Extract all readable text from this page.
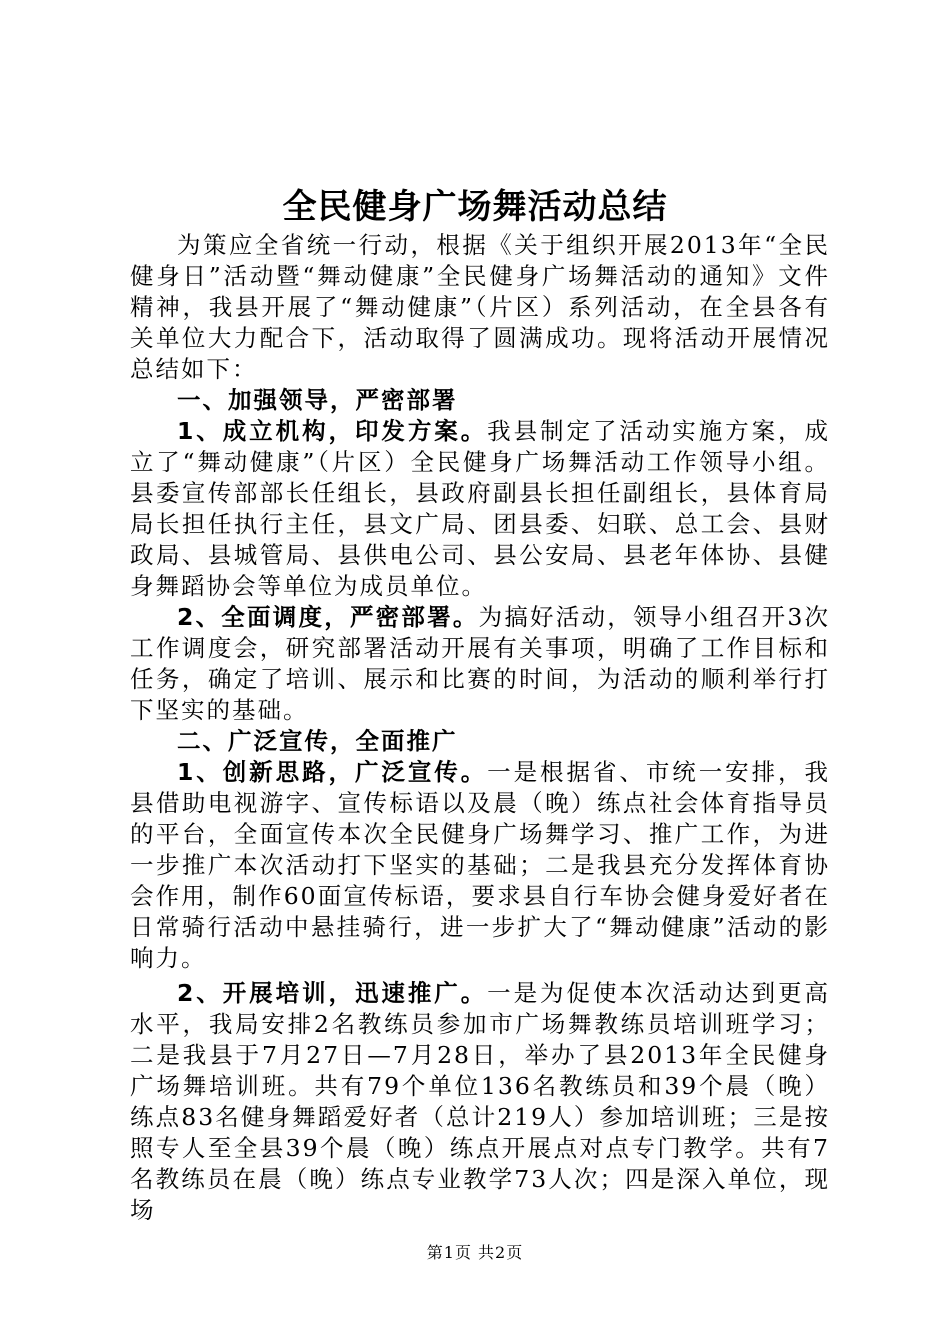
全民健身广场舞活动总结

为策应全省统一行动，根据《关于组织开展2013年“全民健身日”活动暨“舞动健康”全民健身广场舞活动的通知》文件精神，我县开展了“舞动健康”（片区）系列活动，在全县各有关单位大力配合下，活动取得了圆满成功。现将活动开展情况总结如下：

一、加强领导，严密部署

1、成立机构，印发方案。我县制定了活动实施方案，成立了“舞动健康”（片区）全民健身广场舞活动工作领导小组。县委宣传部部长任组长，县政府副县长担任副组长，县体育局局长担任执行主任，县文广局、团县委、妇联、总工会、县财政局、县城管局、县供电公司、县公安局、县老年体协、县健身舞蹈协会等单位为成员单位。

2、全面调度，严密部署。为搞好活动，领导小组召开3次工作调度会，研究部署活动开展有关事项，明确了工作目标和任务，确定了培训、展示和比赛的时间，为活动的顺利举行打下坚实的基础。

二、广泛宣传，全面推广

1、创新思路，广泛宣传。一是根据省、市统一安排，我县借助电视游字、宣传标语以及晨（晚）练点社会体育指导员的平台，全面宣传本次全民健身广场舞学习、推广工作，为进一步推广本次活动打下坚实的基础；二是我县充分发挥体育协会作用，制作60面宣传标语，要求县自行车协会健身爱好者在日常骑行活动中悬挂骑行，进一步扩大了“舞动健康”活动的影响力。

2、开展培训，迅速推广。一是为促使本次活动达到更高水平，我局安排2名教练员参加市广场舞教练员培训班学习；二是我县于7月27日—7月28日，举办了县2013年全民健身广场舞培训班。共有79个单位136名教练员和39个晨（晚）练点83名健身舞蹈爱好者（总计219人）参加培训班；三是按照专人至全县39个晨（晚）练点开展点对点专门教学。共有7名教练员在晨（晚）练点专业教学73人次；四是深入单位，现场

第1页 共2页
